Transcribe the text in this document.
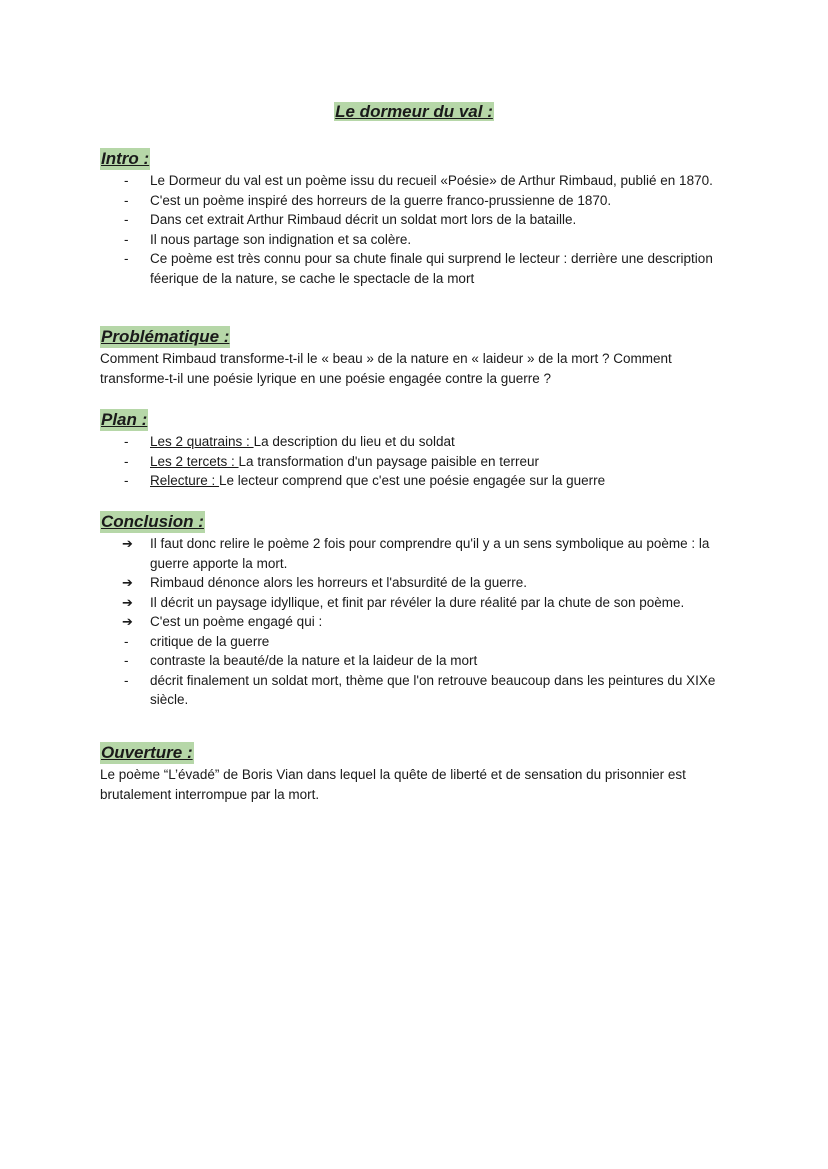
Le dormeur du val :
Intro :
-	Le Dormeur du val est un poème issu du recueil «Poésie» de Arthur Rimbaud, publié en 1870.
-	C'est un poème inspiré des horreurs de la guerre franco-prussienne de 1870.
-	Dans cet extrait Arthur Rimbaud décrit un soldat mort lors de la bataille.
-	Il nous partage son indignation et sa colère.
-	Ce poème est très connu pour sa chute finale qui surprend le lecteur : derrière une description féerique de la nature, se cache le spectacle de la mort
Problématique :

Comment Rimbaud transforme-t-il le « beau » de la nature en « laideur » de la mort ? Comment transforme-t-il une poésie lyrique en une poésie engagée contre la guerre ?

Plan :
-	Les 2 quatrains : La description du lieu et du soldat
-	Les 2 tercets : La transformation d'un paysage paisible en terreur
-	Relecture : Le lecteur comprend que c'est une poésie engagée sur la guerre
Conclusion :
➔	Il faut donc relire le poème 2 fois pour comprendre qu'il y a un sens symbolique au poème : la guerre apporte la mort.
➔	Rimbaud dénonce alors les horreurs et l'absurdité de la guerre.
➔	Il décrit un paysage idyllique, et finit par révéler la dure réalité par la chute de son poème.
➔	C'est un poème engagé qui :
-	critique de la guerre
-	contraste la beauté/de la nature et la laideur de la mort
-	décrit finalement un soldat mort, thème que l'on retrouve beaucoup dans les peintures du XIXe siècle.
Ouverture :

Le poème “L’évadé” de Boris Vian dans lequel la quête de liberté et de sensation du prisonnier est brutalement interrompue par la mort.
